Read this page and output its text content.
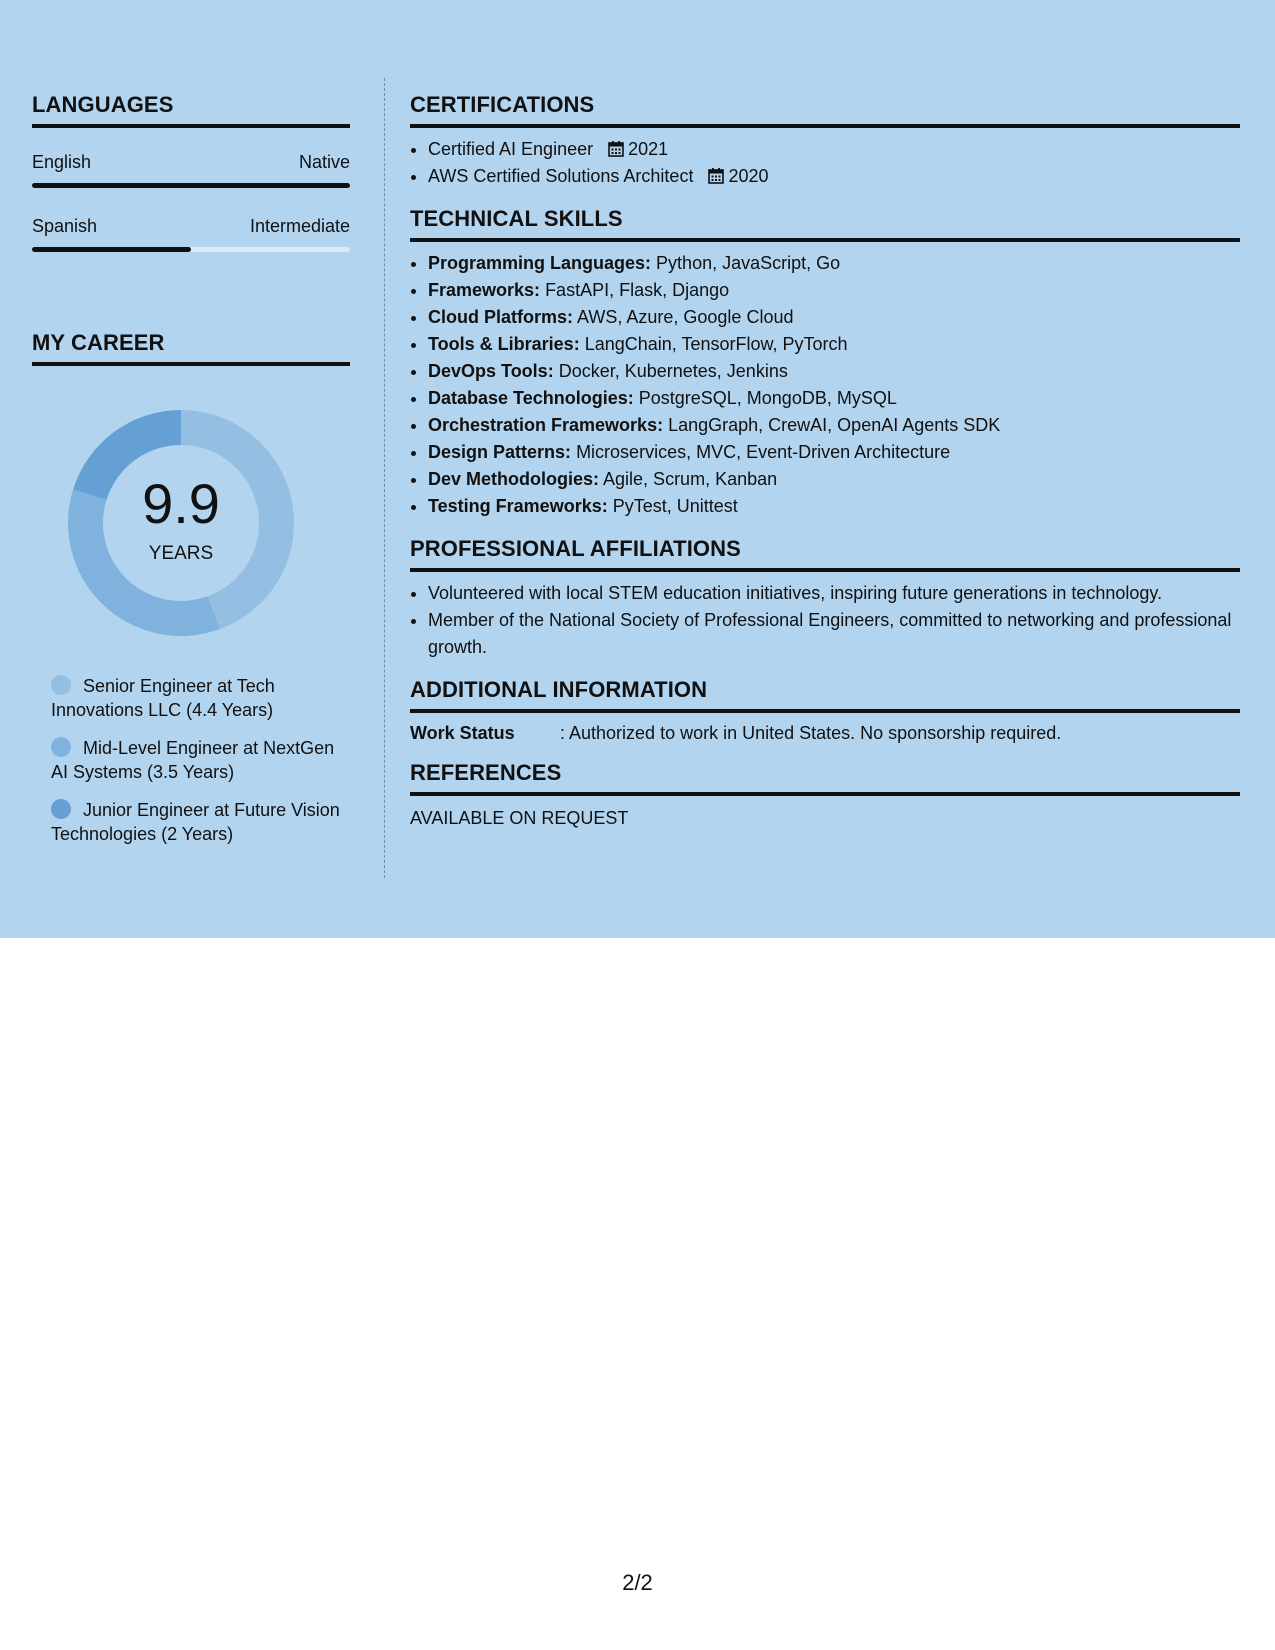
LANGUAGES
English	Native
Spanish	Intermediate
MY CAREER
9.9
YEARS
Senior Engineer at Tech Innovations LLC (4.4 Years)
Mid-Level Engineer at NextGen AI Systems (3.5 Years)
Junior Engineer at Future Vision Technologies (2 Years)
CERTIFICATIONS
• Certified AI Engineer 2021
• AWS Certified Solutions Architect 2020
TECHNICAL SKILLS
• Programming Languages: Python, JavaScript, Go
• Frameworks: FastAPI, Flask, Django
• Cloud Platforms: AWS, Azure, Google Cloud
• Tools & Libraries: LangChain, TensorFlow, PyTorch
• DevOps Tools: Docker, Kubernetes, Jenkins
• Database Technologies: PostgreSQL, MongoDB, MySQL
• Orchestration Frameworks: LangGraph, CrewAI, OpenAI Agents SDK
• Design Patterns: Microservices, MVC, Event-Driven Architecture
• Dev Methodologies: Agile, Scrum, Kanban
• Testing Frameworks: PyTest, Unittest
PROFESSIONAL AFFILIATIONS
• Volunteered with local STEM education initiatives, inspiring future generations in technology.
• Member of the National Society of Professional Engineers, committed to networking and professional growth.
ADDITIONAL INFORMATION
Work Status	: Authorized to work in United States. No sponsorship required.
REFERENCES
AVAILABLE ON REQUEST
2/2
